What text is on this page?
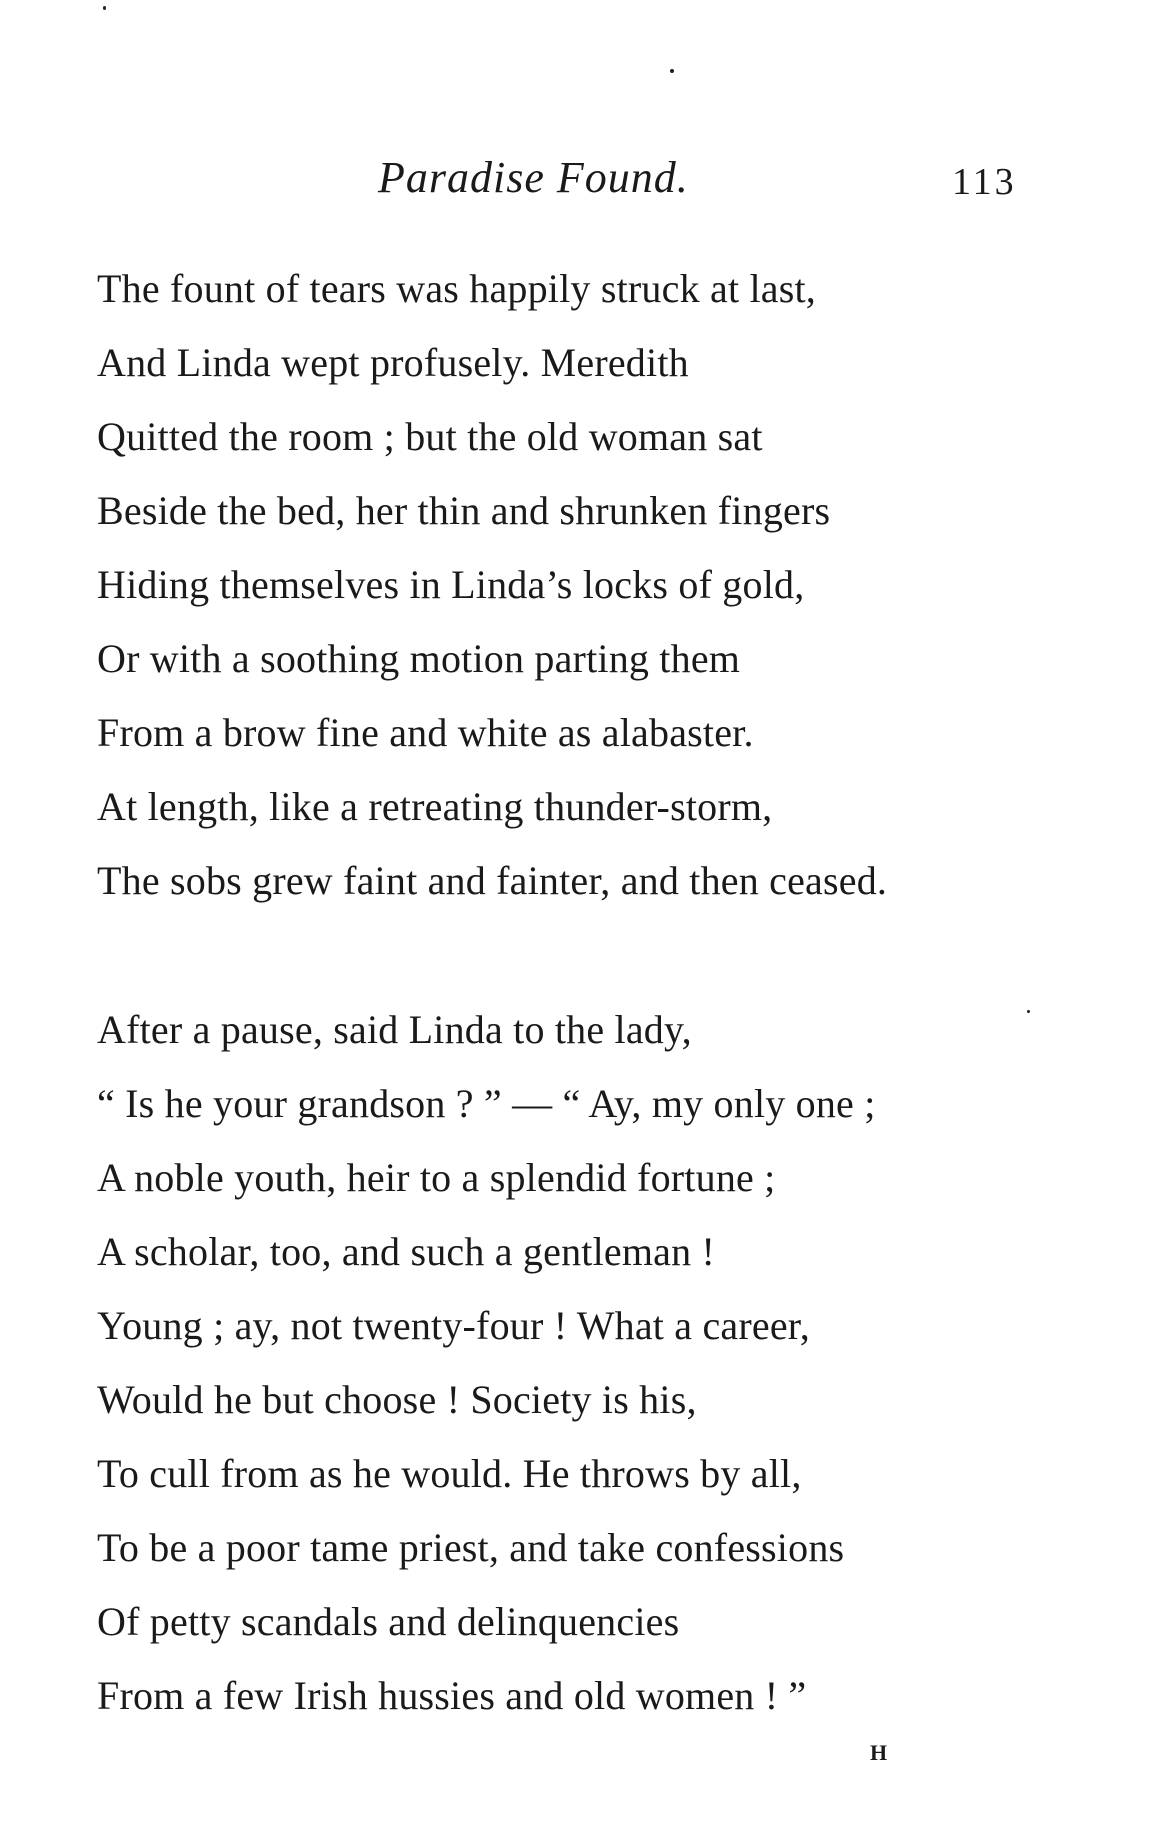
Paradise Found.	113
The fount of tears was happily struck at last,
And Linda wept profusely. Meredith
Quitted the room ; but the old woman sat
Beside the bed, her thin and shrunken fingers
Hiding themselves in Linda’s locks of gold,
Or with a soothing motion parting them
From a brow fine and white as alabaster.
At length, like a retreating thunder-storm,
The sobs grew faint and fainter, and then ceased.
After a pause, said Linda to the lady,
“ Is he your grandson ? ” — “ Ay, my only one ;
A noble youth, heir to a splendid fortune ;
A scholar, too, and such a gentleman !
Young ; ay, not twenty-four ! What a career,
Would he but choose ! Society is his,
To cull from as he would. He throws by all,
To be a poor tame priest, and take confessions
Of petty scandals and delinquencies
From a few Irish hussies and old women ! ”
H
